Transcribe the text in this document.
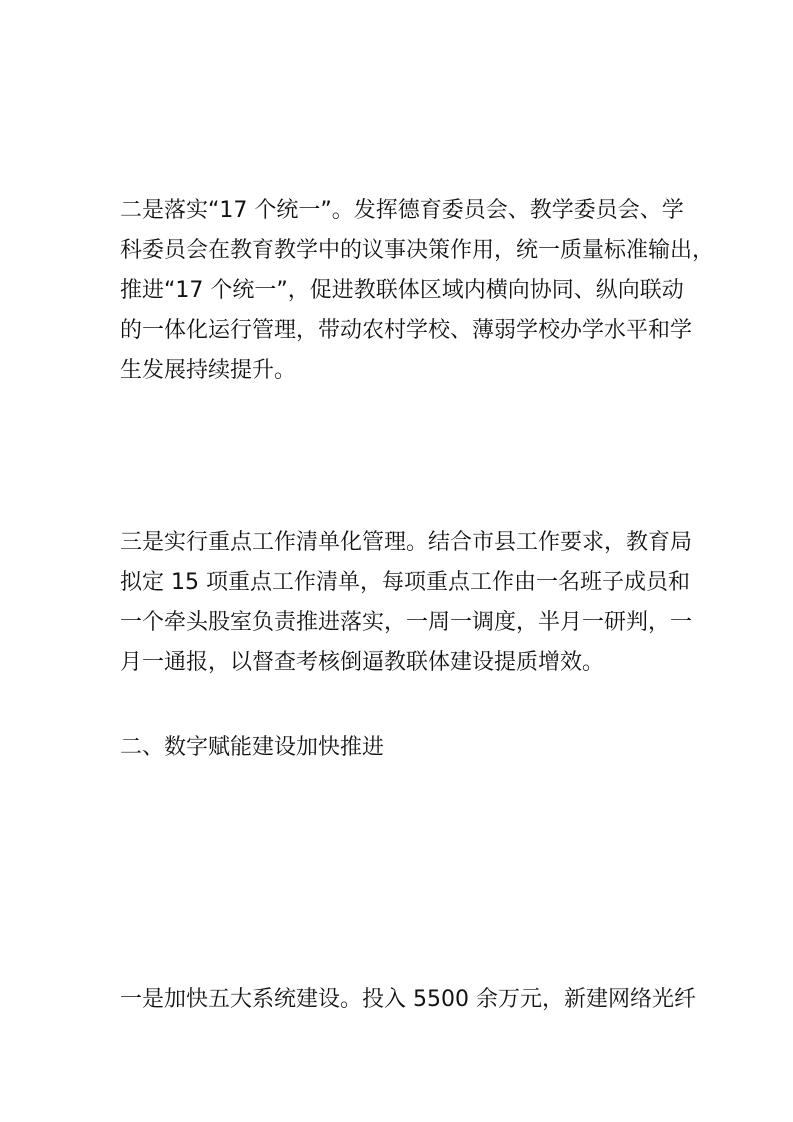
二是落实“17 个统一”。发挥德育委员会、教学委员会、学

科委员会在教育教学中的议事决策作用，统一质量标准输出，

推进“17 个统一”，促进教联体区域内横向协同、纵向联动

的一体化运行管理，带动农村学校、薄弱学校办学水平和学

生发展持续提升。

三是实行重点工作清单化管理。结合市县工作要求，教育局

拟定 15 项重点工作清单，每项重点工作由一名班子成员和

一个牵头股室负责推进落实，一周一调度，半月一研判，一

月一通报，以督查考核倒逼教联体建设提质增效。

二、数字赋能建设加快推进

一是加快五大系统建设。投入 5500 余万元，新建网络光纤
